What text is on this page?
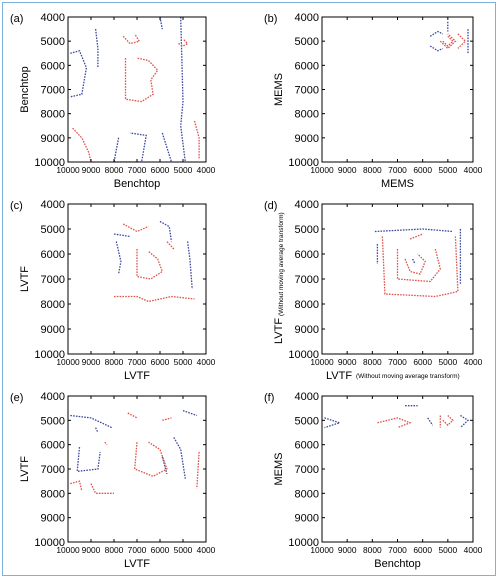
4000
5000
6000
7000
8000
9000
10000
10000 9000 8000 7000 6000 5000 4000
(a)
Benchtop
Benchtop
4000
5000
6000
7000
8000
9000
10000
10000 9000 8000 7000 6000 5000 4000
(b)
MEMS
MEMS
4000
5000
6000
7000
8000
9000
10000
10000 9000 8000 7000 6000 5000 4000
(c)
LVTF
LVTF
4000
5000
6000
7000
8000
9000
10000
10000 9000 8000 7000 6000 5000 4000
(d)
LVTF (Without moving average transform)
LVTF
(Without moving average transform)
4000
5000
6000
7000
8000
9000
10000
10000 9000 8000 7000 6000 5000 4000
(e)
LVTF
LVTF
4000
5000
6000
7000
8000
9000
10000
10000 9000 8000 7000 6000 5000 4000
(f)
Benchtop
MEMS
